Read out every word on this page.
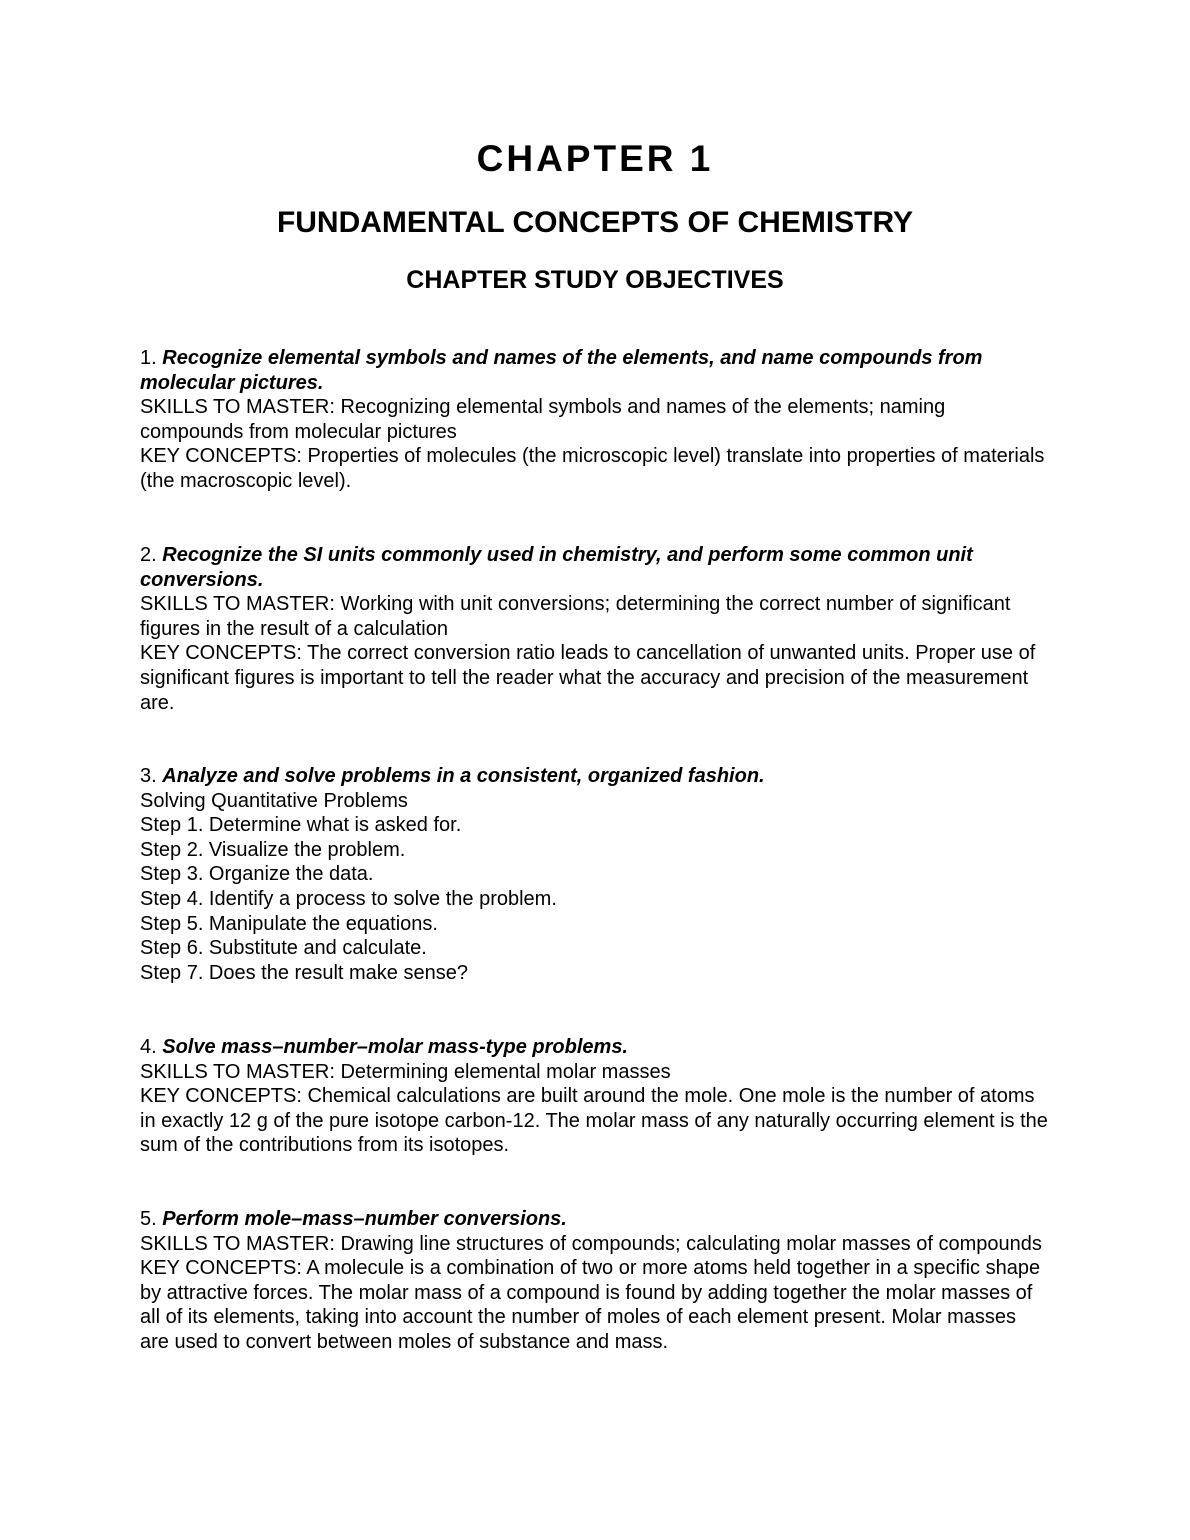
CHAPTER 1
FUNDAMENTAL CONCEPTS OF CHEMISTRY
CHAPTER STUDY OBJECTIVES

1. Recognize elemental symbols and names of the elements, and name compounds from molecular pictures.

SKILLS TO MASTER: Recognizing elemental symbols and names of the elements; naming compounds from molecular pictures

KEY CONCEPTS: Properties of molecules (the microscopic level) translate into properties of materials (the macroscopic level).

2. Recognize the SI units commonly used in chemistry, and perform some common unit conversions.

SKILLS TO MASTER: Working with unit conversions; determining the correct number of significant figures in the result of a calculation

KEY CONCEPTS: The correct conversion ratio leads to cancellation of unwanted units. Proper use of significant figures is important to tell the reader what the accuracy and precision of the measurement are.

3. Analyze and solve problems in a consistent, organized fashion.

Solving Quantitative Problems

Step 1. Determine what is asked for.

Step 2. Visualize the problem.

Step 3. Organize the data.

Step 4. Identify a process to solve the problem.

Step 5. Manipulate the equations.

Step 6. Substitute and calculate.

Step 7. Does the result make sense?

4. Solve mass–number–molar mass-type problems.

SKILLS TO MASTER: Determining elemental molar masses

KEY CONCEPTS: Chemical calculations are built around the mole. One mole is the number of atoms in exactly 12 g of the pure isotope carbon-12. The molar mass of any naturally occurring element is the sum of the contributions from its isotopes.

5. Perform mole–mass–number conversions.

SKILLS TO MASTER: Drawing line structures of compounds; calculating molar masses of compounds

KEY CONCEPTS: A molecule is a combination of two or more atoms held together in a specific shape by attractive forces. The molar mass of a compound is found by adding together the molar masses of all of its elements, taking into account the number of moles of each element present. Molar masses are used to convert between moles of substance and mass.
